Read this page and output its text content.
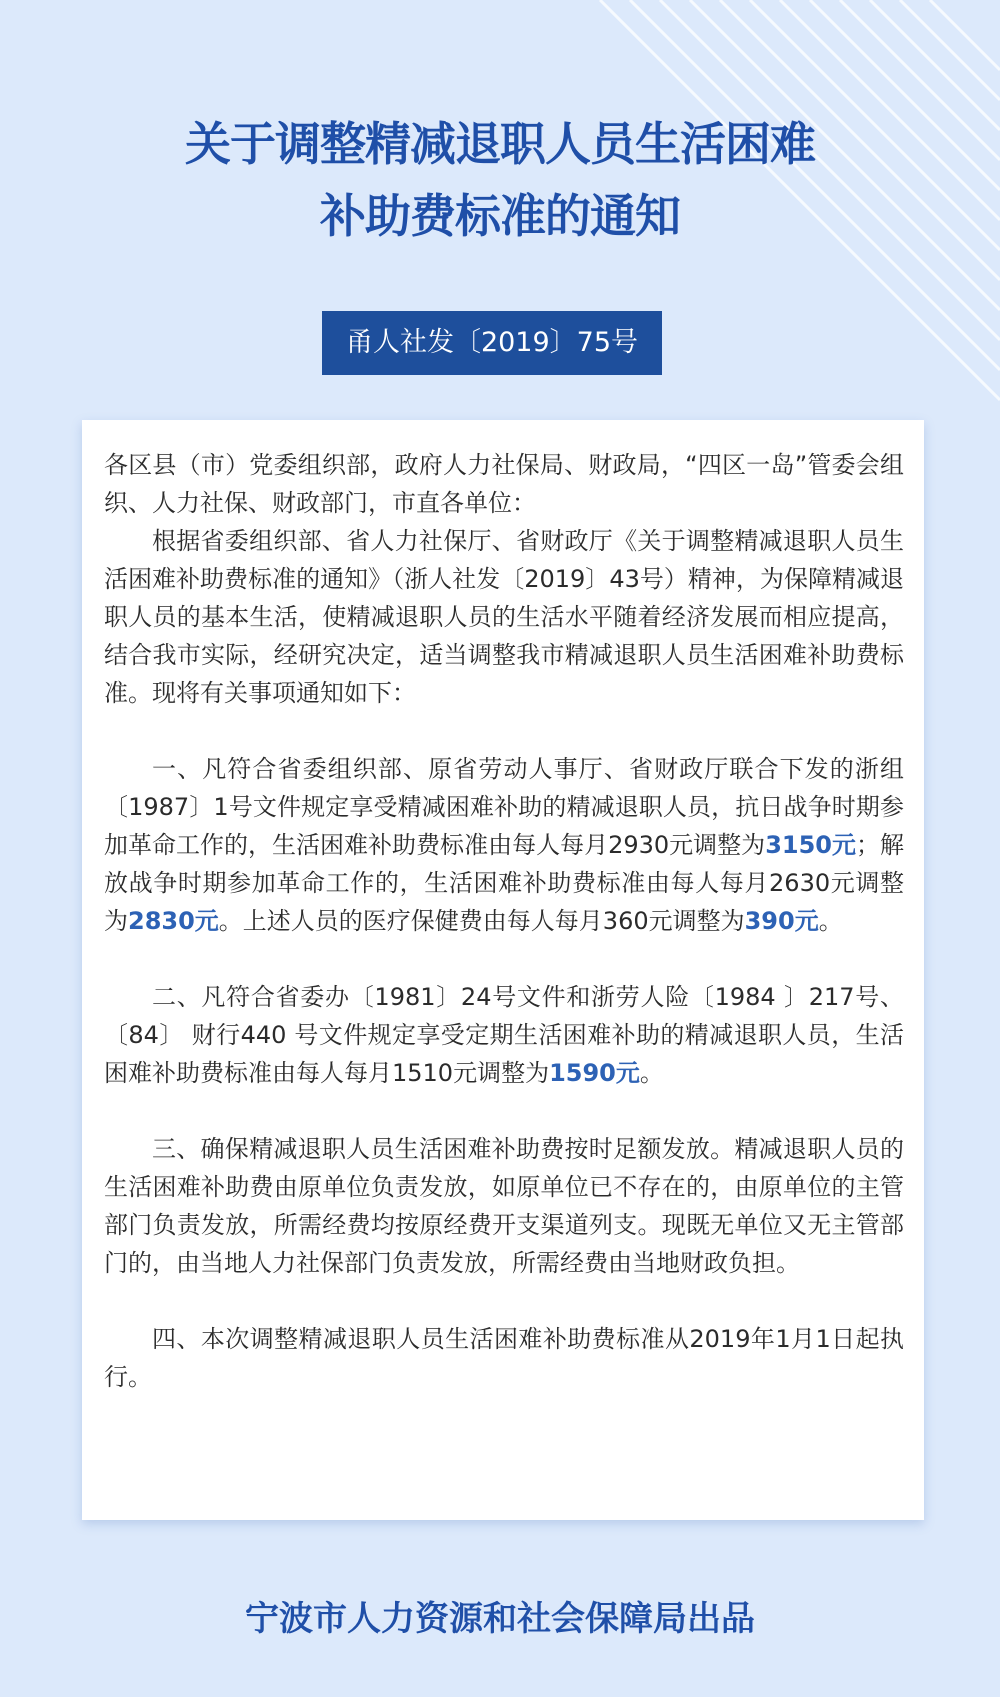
关于调整精减退职人员生活困难
补助费标准的通知
甬人社发〔2019〕75号

各区县（市）党委组织部，政府人力社保局、财政局，“四区一岛”管委会组织、人力社保、财政部门，市直各单位：

根据省委组织部、省人力社保厅、省财政厅《关于调整精减退职人员生活困难补助费标准的通知》（浙人社发〔2019〕43号）精神，为保障精减退职人员的基本生活，使精减退职人员的生活水平随着经济发展而相应提高，结合我市实际，经研究决定，适当调整我市精减退职人员生活困难补助费标准。现将有关事项通知如下：

一、凡符合省委组织部、原省劳动人事厅、省财政厅联合下发的浙组〔1987〕1号文件规定享受精减困难补助的精减退职人员，抗日战争时期参加革命工作的，生活困难补助费标准由每人每月2930元调整为3150元；解放战争时期参加革命工作的，生活困难补助费标准由每人每月2630元调整为2830元。上述人员的医疗保健费由每人每月360元调整为390元。

二、凡符合省委办〔1981〕24号文件和浙劳人险〔1984 〕217号、〔84〕 财行440 号文件规定享受定期生活困难补助的精减退职人员，生活困难补助费标准由每人每月1510元调整为1590元。

三、确保精减退职人员生活困难补助费按时足额发放。精减退职人员的生活困难补助费由原单位负责发放，如原单位已不存在的，由原单位的主管部门负责发放，所需经费均按原经费开支渠道列支。现既无单位又无主管部门的，由当地人力社保部门负责发放，所需经费由当地财政负担。

四、本次调整精减退职人员生活困难补助费标准从2019年1月1日起执行。

宁波市人力资源和社会保障局出品
